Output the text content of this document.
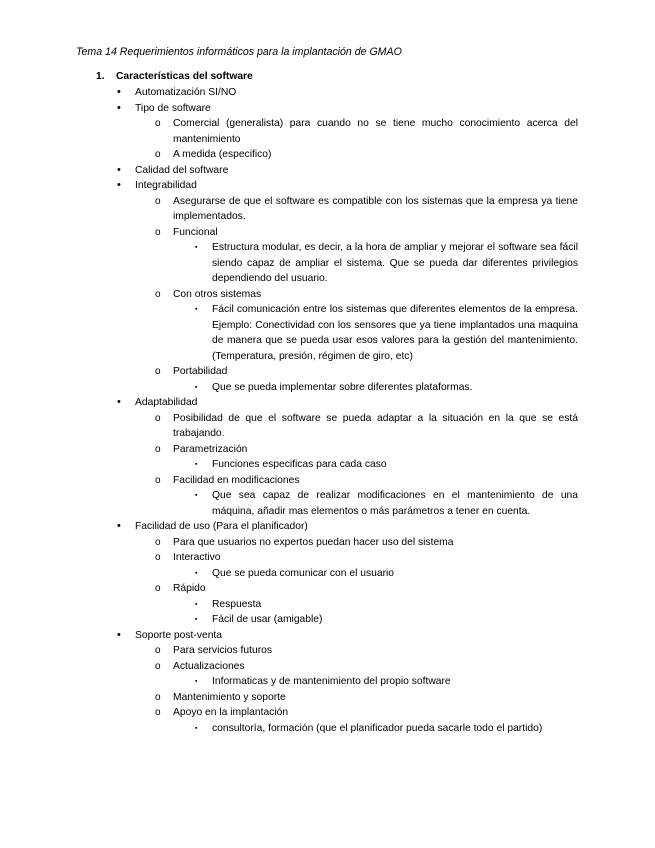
Tema 14 Requerimientos informáticos para la implantación de GMAO
1. Características del software
• Automatización SI/NO
• Tipo de software
o Comercial (generalista) para cuando no se tiene mucho conocimiento acerca del mantenimiento
o A medida (especifico)
• Calidad del software
• Integrabilidad
o Asegurarse de que el software es compatible con los sistemas que la empresa ya tiene implementados.
o Funcional
▪ Estructura modular, es decir, a la hora de ampliar y mejorar el software sea fácil siendo capaz de ampliar el sistema. Que se pueda dar diferentes privilegios dependiendo del usuario.
o Con otros sistemas
▪ Fácil comunicación entre los sistemas que diferentes elementos de la empresa. Ejemplo: Conectividad con los sensores que ya tiene implantados una maquina de manera que se pueda usar esos valores para la gestión del mantenimiento. (Temperatura, presión, régimen de giro, etc)
o Portabilidad
▪ Que se pueda implementar sobre diferentes plataformas.
• Adaptabilidad
o Posibilidad de que el software se pueda adaptar a la situación en la que se está trabajando.
o Parametrización
▪ Funciones especificas para cada caso
o Facilidad en modificaciones
▪ Que sea capaz de realizar modificaciones en el mantenimiento de una máquina, añadir mas elementos o más parámetros a tener en cuenta.
• Facilidad de uso (Para el planificador)
o Para que usuarios no expertos puedan hacer uso del sistema
o Interactivo
▪ Que se pueda comunicar con el usuario
o Rápido
▪ Respuesta
▪ Fácil de usar (amigable)
• Soporte post-venta
o Para servicios futuros
o Actualizaciones
▪ Informaticas y de mantenimiento del propio software
o Mantenimiento y soporte
o Apoyo en la implantación
▪ consultoría, formación (que el planificador pueda sacarle todo el partido)
